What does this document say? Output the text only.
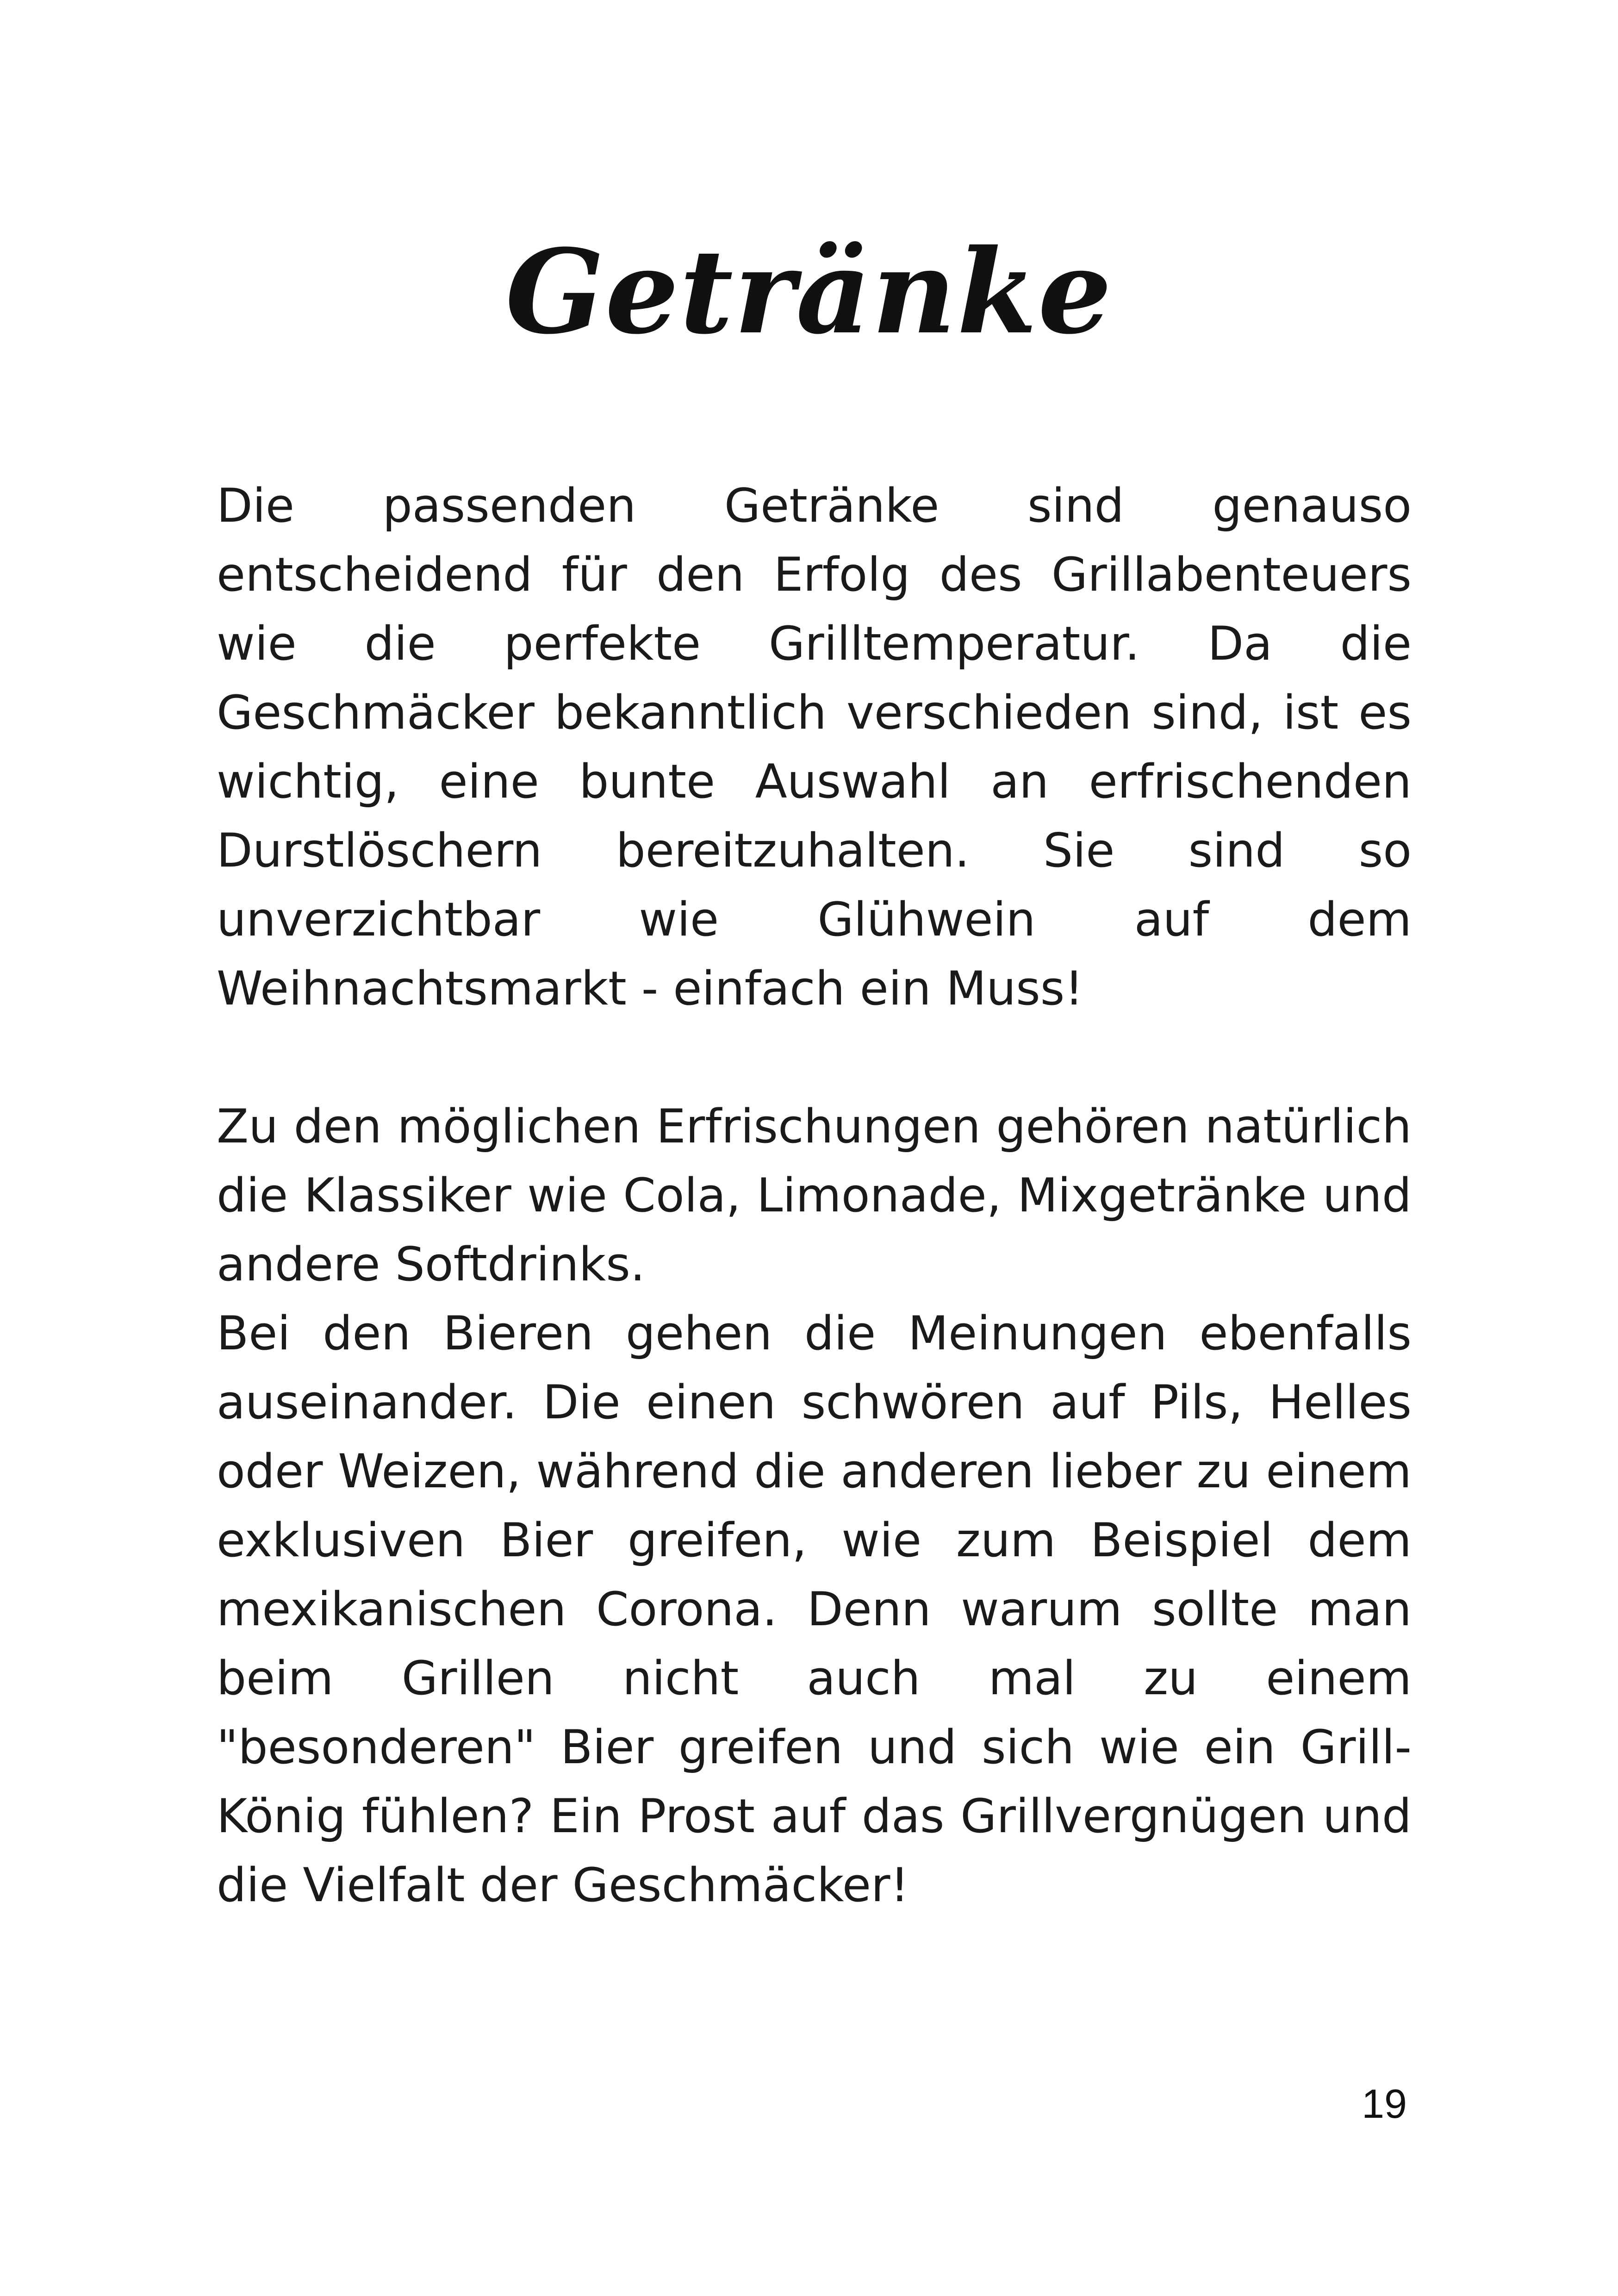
Getränke

Die passenden Getränke sind genauso entscheidend für den Erfolg des Grillabenteuers wie die perfekte Grilltemperatur. Da die Geschmäcker bekanntlich verschieden sind, ist es wichtig, eine bunte Auswahl an erfrischenden Durstlöschern bereitzuhalten. Sie sind so unverzichtbar wie Glühwein auf dem Weihnachtsmarkt - einfach ein Muss!

Zu den möglichen Erfrischungen gehören natürlich die Klassiker wie Cola, Limonade, Mixgetränke und andere Softdrinks.

Bei den Bieren gehen die Meinungen ebenfalls auseinander. Die einen schwören auf Pils, Helles oder Weizen, während die anderen lieber zu einem exklusiven Bier greifen, wie zum Beispiel dem mexikanischen Corona. Denn warum sollte man beim Grillen nicht auch mal zu einem "besonderen" Bier greifen und sich wie ein Grill-König fühlen? Ein Prost auf das Grillvergnügen und die Vielfalt der Geschmäcker!

19
